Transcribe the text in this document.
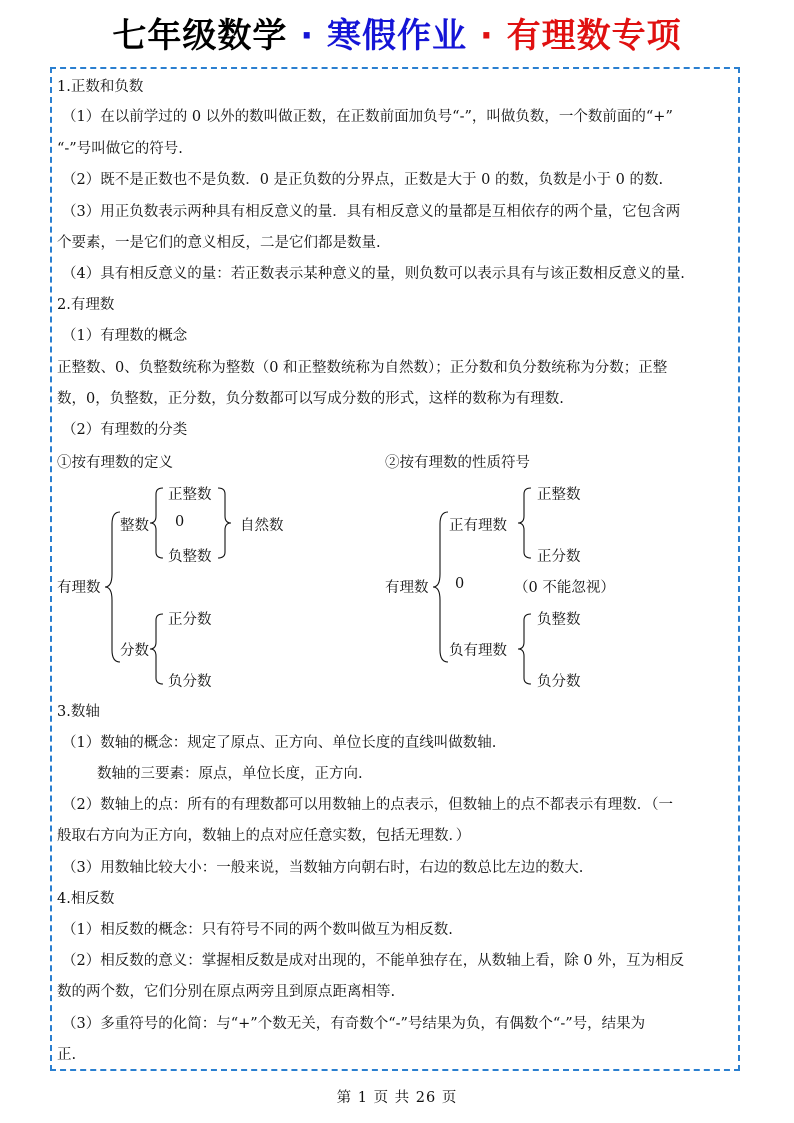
七年级数学 · 寒假作业 · 有理数专项
1.正数和负数
（1）在以前学过的 0 以外的数叫做正数，在正数前面加负号“-”，叫做负数，一个数前面的“+”
“-”号叫做它的符号.
（2）既不是正数也不是负数．0 是正负数的分界点，正数是大于 0 的数，负数是小于 0 的数.
（3）用正负数表示两种具有相反意义的量．具有相反意义的量都是互相依存的两个量，它包含两
个要素，一是它们的意义相反，二是它们都是数量.
（4）具有相反意义的量：若正数表示某种意义的量，则负数可以表示具有与该正数相反意义的量.
2.有理数
（1）有理数的概念
正整数、0、负整数统称为整数（0 和正整数统称为自然数）；正分数和负分数统称为分数；正整
数，0，负整数，正分数，负分数都可以写成分数的形式，这样的数称为有理数.
（2）有理数的分类
①按有理数的定义
有理数
整数
正整数
0
负整数
自然数
分数
正分数
负分数
②按有理数的性质符号
有理数
正有理数
正整数
正分数
0	（0 不能忽视）
负有理数
负整数
负分数
3.数轴
（1）数轴的概念：规定了原点、正方向、单位长度的直线叫做数轴.
数轴的三要素：原点，单位长度，正方向.
（2）数轴上的点：所有的有理数都可以用数轴上的点表示，但数轴上的点不都表示有理数．（一
般取右方向为正方向，数轴上的点对应任意实数，包括无理数．）
（3）用数轴比较大小：一般来说，当数轴方向朝右时，右边的数总比左边的数大.
4.相反数
（1）相反数的概念：只有符号不同的两个数叫做互为相反数.
（2）相反数的意义：掌握相反数是成对出现的，不能单独存在，从数轴上看，除 0 外，互为相反
数的两个数，它们分别在原点两旁且到原点距离相等.
（3）多重符号的化简：与“+”个数无关，有奇数个“-”号结果为负，有偶数个“-”号，结果为
正.
第 1 页 共 26 页
